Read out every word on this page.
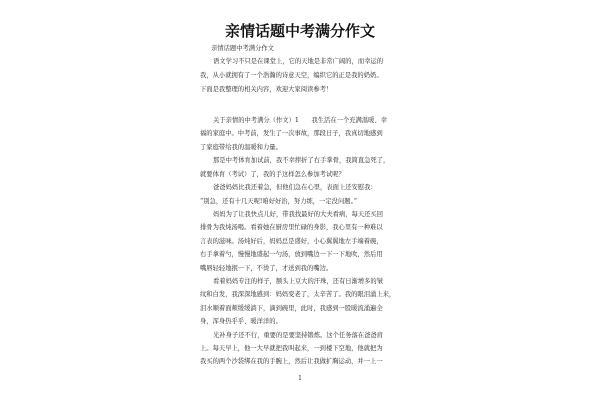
亲情话题中考满分作文
亲情话题中考满分作文
语文学习不只是在课堂上，它的天地是非常广阔的，而幸运的
我，从小就拥有了一个浩瀚的诗意天空，编织它的正是我的奶奶。
下面是我整理的相关内容，欢迎大家阅读参考！
关于亲情的中考满分（作文）1　　我生活在一个充满温暖、幸
福的家庭中。中考前，发生了一次事故，那段日子，我真切地感到
了家庭带给我的温暖和力量。
那是中考体育加试前，我不幸摔折了右手掌骨，我简直急死了，
就要体育（考试）了，我的手这样怎么参加考试呢？
爸爸妈妈比我还着急，但他们急在心里，表面上还安慰我：
“别急，还有十几天呢!咱好好治，努力练，一定没问题。”
妈妈为了让我快点儿好，带我找最好的大夫看病，每天还买回
排骨为我炖汤喝。看着她在厨房里忙碌的身影，我心里有一种难以
言表的滋味。汤炖好后，妈妈总是盛好，小心翼翼地左手端着碗，
右手拿着勺，慢慢地盛起一勺汤，放到嘴边一下一下地吹，然后用
嘴唇轻轻地抿一下，不烫了，才送到我的嘴边。
看着妈妈专注的样子，额头上豆大的汗珠，还有日渐增多的皱
纹和白发，我深深地感到：妈妈变老了，太辛苦了。我的眼泪涌上来，
泪水顺着面颊缓缓淌下，滴到碗里，此时，我感到一股暖流涌遍全
身，浑身热乎乎、暖洋洋的。
光补身子还不行，重要的是要坚持锻炼。这个任务落在爸爸肩
上。每天早上，他一大早就把我叫起来，一到楼下空地，他就把为
我买的两个沙袋绑在我的手腕上，然后让我做扩胸运动，并一上一
1
